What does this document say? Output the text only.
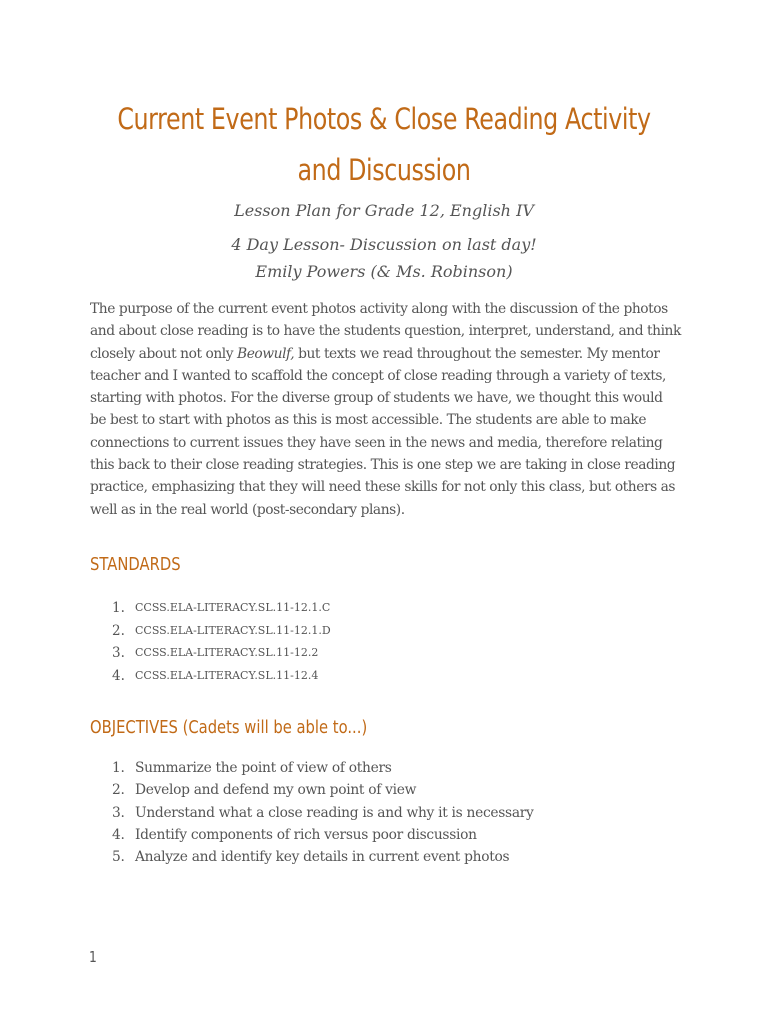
Current Event Photos & Close Reading Activity
and Discussion
Lesson Plan for Grade 12, English IV
4 Day Lesson- Discussion on last day!
Emily Powers (& Ms. Robinson)

The purpose of the current event photos activity along with the discussion of the photos and about close reading is to have the students question, interpret, understand, and think closely about not only Beowulf, but texts we read throughout the semester. My mentor teacher and I wanted to scaffold the concept of close reading through a variety of texts, starting with photos. For the diverse group of students we have, we thought this would be best to start with photos as this is most accessible. The students are able to make connections to current issues they have seen in the news and media, therefore relating this back to their close reading strategies. This is one step we are taking in close reading practice, emphasizing that they will need these skills for not only this class, but others as well as in the real world (post-secondary plans).

STANDARDS
1. CCSS.ELA-LITERACY.SL.11-12.1.C
2. CCSS.ELA-LITERACY.SL.11-12.1.D
3. CCSS.ELA-LITERACY.SL.11-12.2
4. CCSS.ELA-LITERACY.SL.11-12.4
OBJECTIVES (Cadets will be able to...)
1. Summarize the point of view of others
2. Develop and defend my own point of view
3. Understand what a close reading is and why it is necessary
4. Identify components of rich versus poor discussion
5. Analyze and identify key details in current event photos
1
